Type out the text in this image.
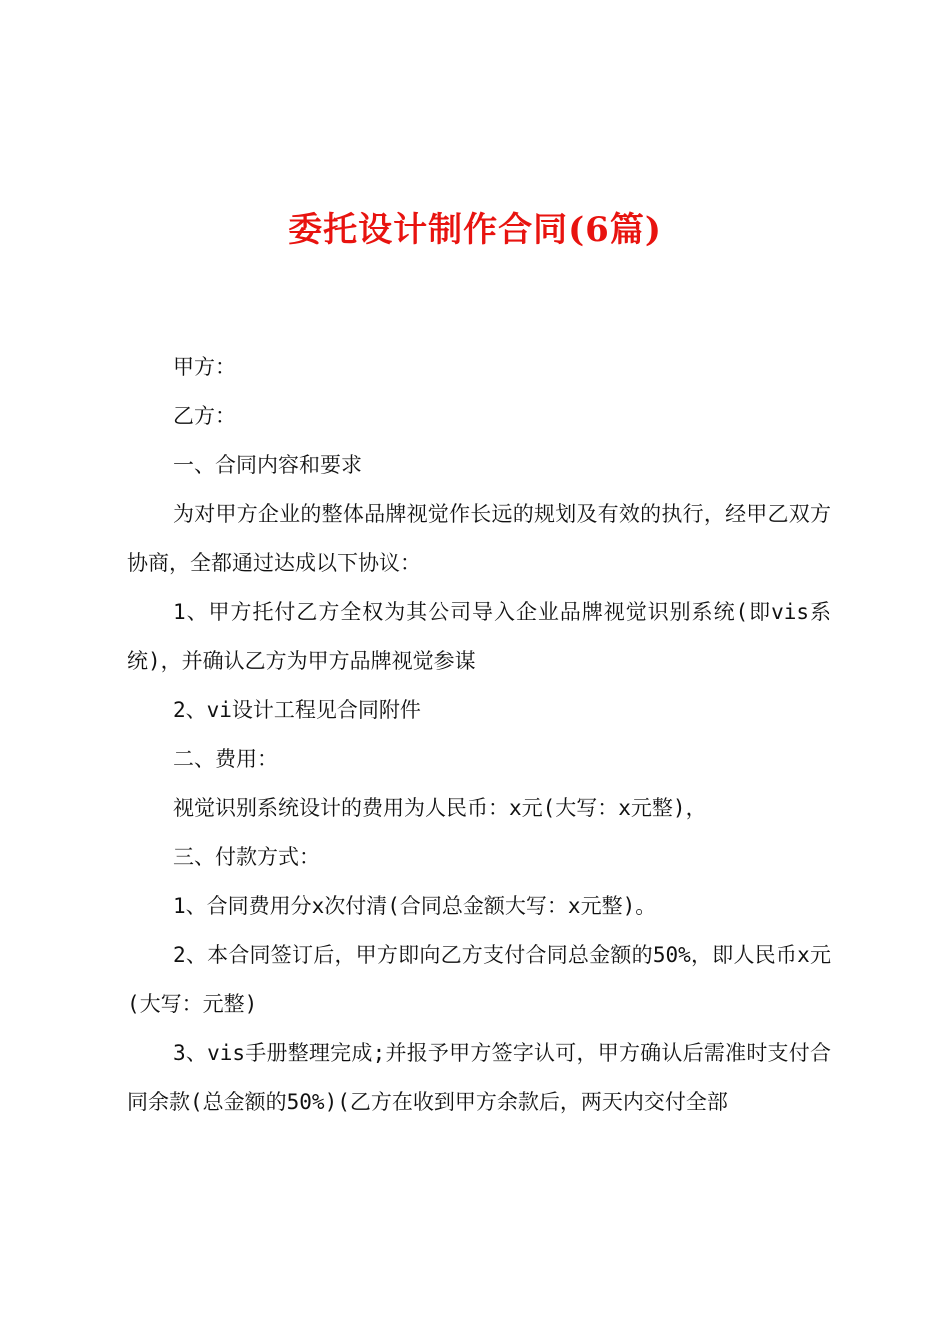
委托设计制作合同(6篇)

甲方：

乙方：

一、合同内容和要求

为对甲方企业的整体品牌视觉作长远的规划及有效的执行，经甲乙双方协商，全都通过达成以下协议：

1、甲方托付乙方全权为其公司导入企业品牌视觉识别系统(即vis系统)，并确认乙方为甲方品牌视觉参谋

2、vi设计工程见合同附件

二、费用：

视觉识别系统设计的费用为人民币：x元(大写：x元整)，

三、付款方式：

1、合同费用分x次付清(合同总金额大写：x元整)。

2、本合同签订后，甲方即向乙方支付合同总金额的50%，即人民币x元(大写：元整)

3、vis手册整理完成;并报予甲方签字认可，甲方确认后需准时支付合同余款(总金额的50%)(乙方在收到甲方余款后，两天内交付全部
